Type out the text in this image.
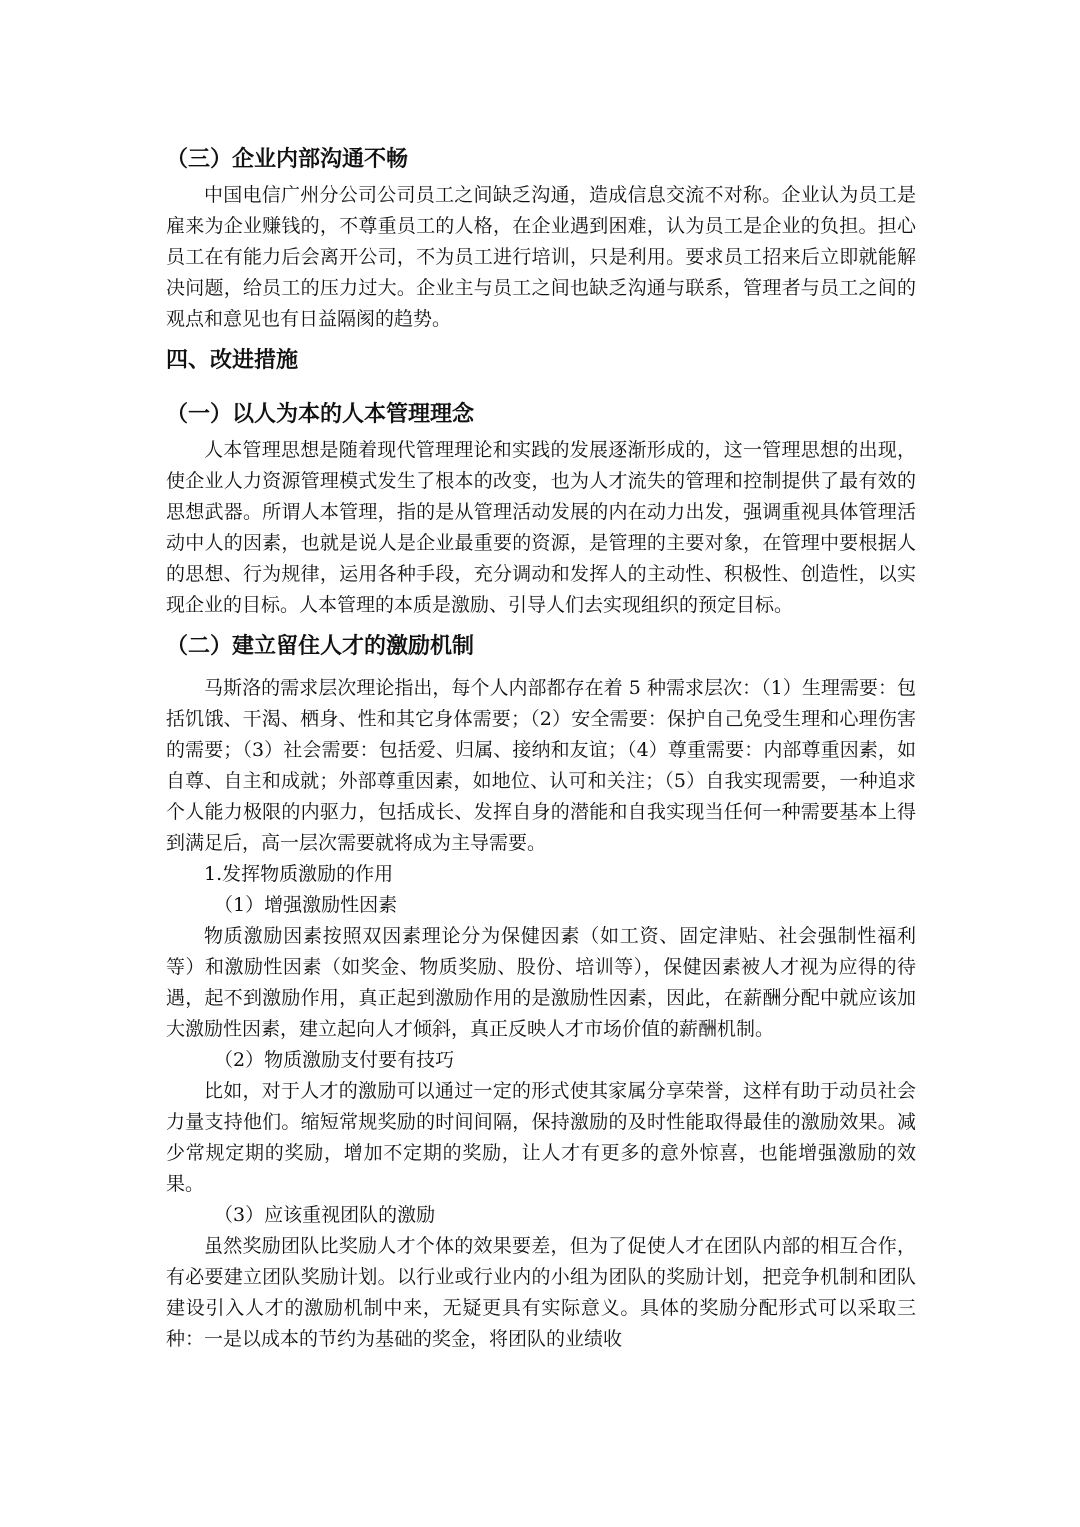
（三）企业内部沟通不畅

中国电信广州分公司公司员工之间缺乏沟通，造成信息交流不对称。企业认为员工是雇来为企业赚钱的，不尊重员工的人格，在企业遇到困难，认为员工是企业的负担。担心员工在有能力后会离开公司，不为员工进行培训，只是利用。要求员工招来后立即就能解决问题，给员工的压力过大。企业主与员工之间也缺乏沟通与联系，管理者与员工之间的观点和意见也有日益隔阂的趋势。

四、改进措施
（一）以人为本的人本管理理念

人本管理思想是随着现代管理理论和实践的发展逐渐形成的，这一管理思想的出现，使企业人力资源管理模式发生了根本的改变，也为人才流失的管理和控制提供了最有效的思想武器。所谓人本管理，指的是从管理活动发展的内在动力出发，强调重视具体管理活动中人的因素，也就是说人是企业最重要的资源，是管理的主要对象，在管理中要根据人的思想、行为规律，运用各种手段，充分调动和发挥人的主动性、积极性、创造性，以实现企业的目标。人本管理的本质是激励、引导人们去实现组织的预定目标。

（二）建立留住人才的激励机制

马斯洛的需求层次理论指出，每个人内部都存在着 5 种需求层次：（1）生理需要：包括饥饿、干渴、栖身、性和其它身体需要；（2）安全需要：保护自己免受生理和心理伤害的需要；（3）社会需要：包括爱、归属、接纳和友谊；（4）尊重需要：内部尊重因素，如自尊、自主和成就；外部尊重因素，如地位、认可和关注；（5）自我实现需要，一种追求个人能力极限的内驱力，包括成长、发挥自身的潜能和自我实现当任何一种需要基本上得到满足后，高一层次需要就将成为主导需要。

1.发挥物质激励的作用

（1）增强激励性因素

物质激励因素按照双因素理论分为保健因素（如工资、固定津贴、社会强制性福利等）和激励性因素（如奖金、物质奖励、股份、培训等），保健因素被人才视为应得的待遇，起不到激励作用，真正起到激励作用的是激励性因素，因此，在薪酬分配中就应该加大激励性因素，建立起向人才倾斜，真正反映人才市场价值的薪酬机制。

（2）物质激励支付要有技巧

比如，对于人才的激励可以通过一定的形式使其家属分享荣誉，这样有助于动员社会力量支持他们。缩短常规奖励的时间间隔，保持激励的及时性能取得最佳的激励效果。减少常规定期的奖励，增加不定期的奖励，让人才有更多的意外惊喜，也能增强激励的效果。

（3）应该重视团队的激励

虽然奖励团队比奖励人才个体的效果要差，但为了促使人才在团队内部的相互合作，有必要建立团队奖励计划。以行业或行业内的小组为团队的奖励计划，把竞争机制和团队建设引入人才的激励机制中来，无疑更具有实际意义。具体的奖励分配形式可以采取三种：一是以成本的节约为基础的奖金，将团队的业绩收
